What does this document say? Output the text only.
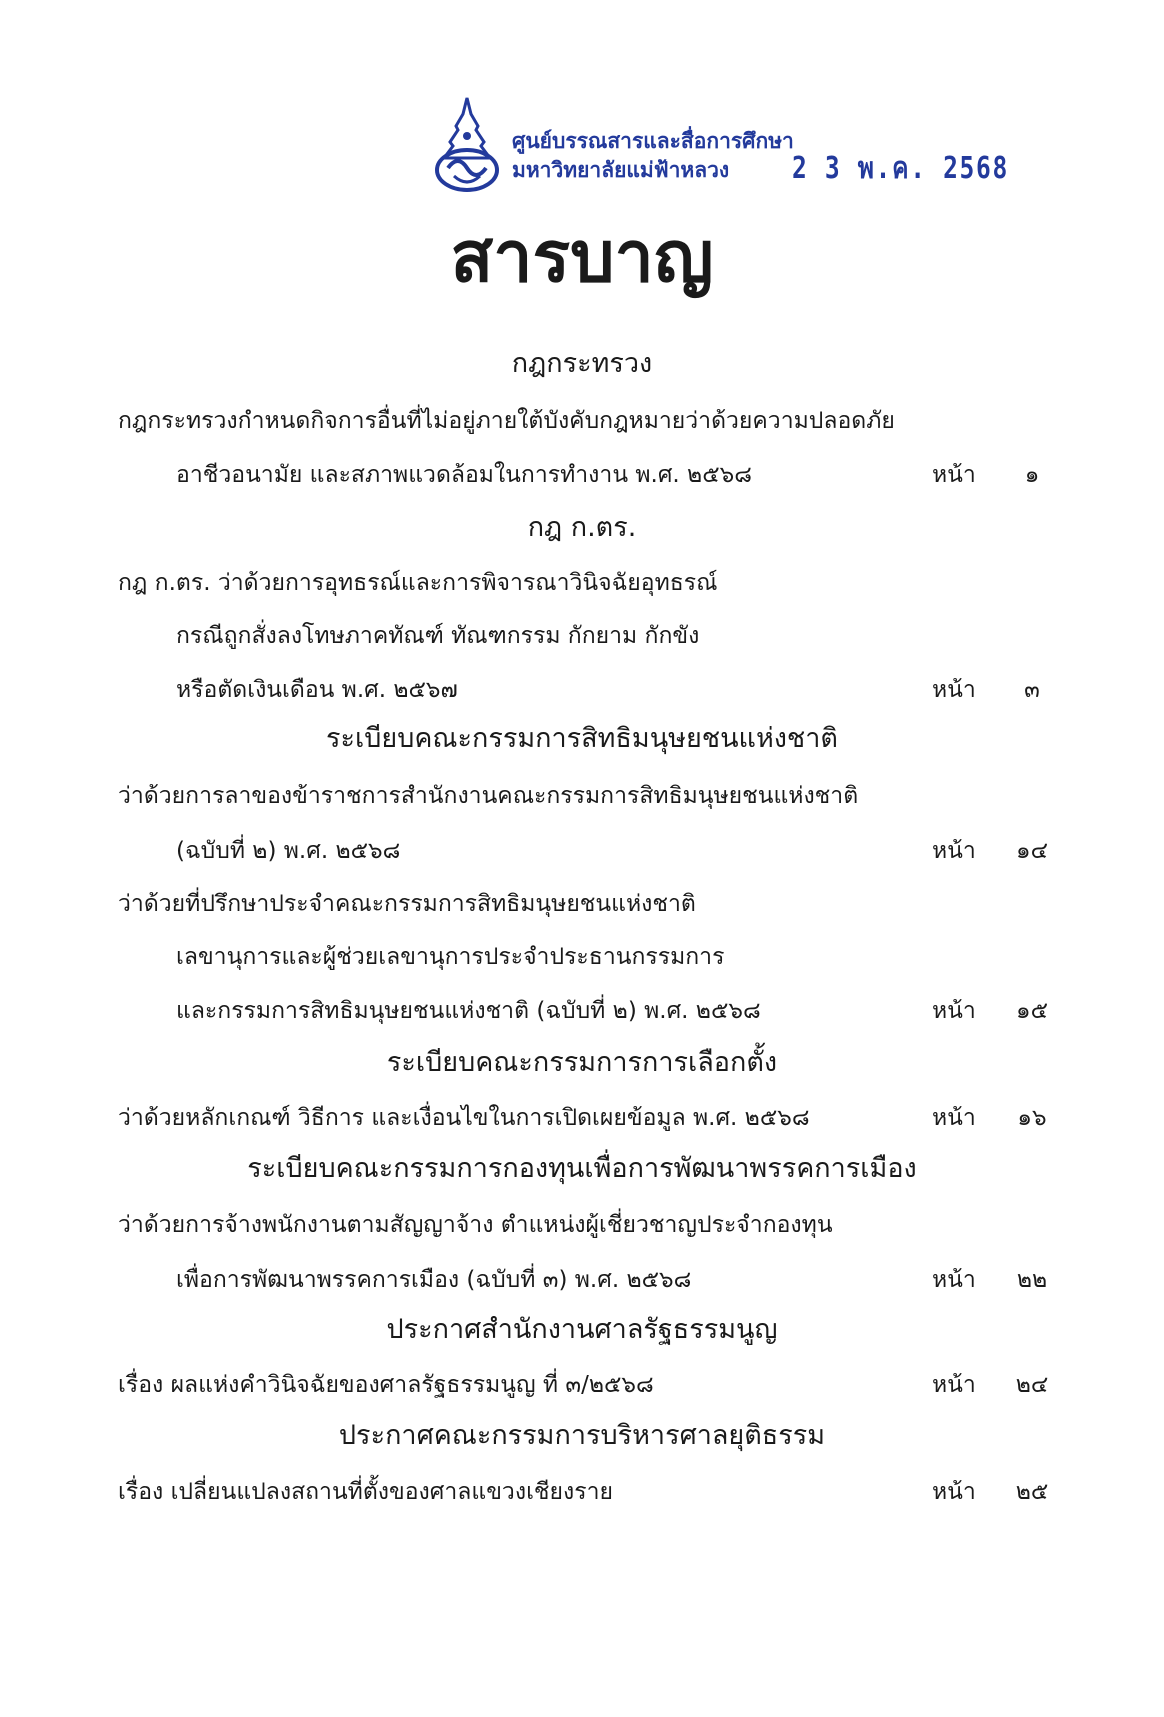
ศูนย์บรรณสารและสื่อการศึกษา
มหาวิทยาลัยแม่ฟ้าหลวง	2 3 พ.ค. 2568
สารบาญ
กฎกระทรวง
กฎกระทรวงกำหนดกิจการอื่นที่ไม่อยู่ภายใต้บังคับกฎหมายว่าด้วยความปลอดภัย
อาชีวอนามัย และสภาพแวดล้อมในการทำงาน พ.ศ. ๒๕๖๘	หน้า	๑
กฎ ก.ตร.
กฎ ก.ตร. ว่าด้วยการอุทธรณ์และการพิจารณาวินิจฉัยอุทธรณ์
กรณีถูกสั่งลงโทษภาคทัณฑ์ ทัณฑกรรม กักยาม กักขัง
หรือตัดเงินเดือน พ.ศ. ๒๕๖๗	หน้า	๓
ระเบียบคณะกรรมการสิทธิมนุษยชนแห่งชาติ
ว่าด้วยการลาของข้าราชการสำนักงานคณะกรรมการสิทธิมนุษยชนแห่งชาติ
(ฉบับที่ ๒) พ.ศ. ๒๕๖๘	หน้า	๑๔
ว่าด้วยที่ปรึกษาประจำคณะกรรมการสิทธิมนุษยชนแห่งชาติ
เลขานุการและผู้ช่วยเลขานุการประจำประธานกรรมการ
และกรรมการสิทธิมนุษยชนแห่งชาติ (ฉบับที่ ๒) พ.ศ. ๒๕๖๘	หน้า	๑๕
ระเบียบคณะกรรมการการเลือกตั้ง
ว่าด้วยหลักเกณฑ์ วิธีการ และเงื่อนไขในการเปิดเผยข้อมูล พ.ศ. ๒๕๖๘	หน้า	๑๖
ระเบียบคณะกรรมการกองทุนเพื่อการพัฒนาพรรคการเมือง
ว่าด้วยการจ้างพนักงานตามสัญญาจ้าง ตำแหน่งผู้เชี่ยวชาญประจำกองทุน
เพื่อการพัฒนาพรรคการเมือง (ฉบับที่ ๓) พ.ศ. ๒๕๖๘	หน้า	๒๒
ประกาศสำนักงานศาลรัฐธรรมนูญ
เรื่อง ผลแห่งคำวินิจฉัยของศาลรัฐธรรมนูญ ที่ ๓/๒๕๖๘	หน้า	๒๔
ประกาศคณะกรรมการบริหารศาลยุติธรรม
เรื่อง เปลี่ยนแปลงสถานที่ตั้งของศาลแขวงเชียงราย	หน้า	๒๕
